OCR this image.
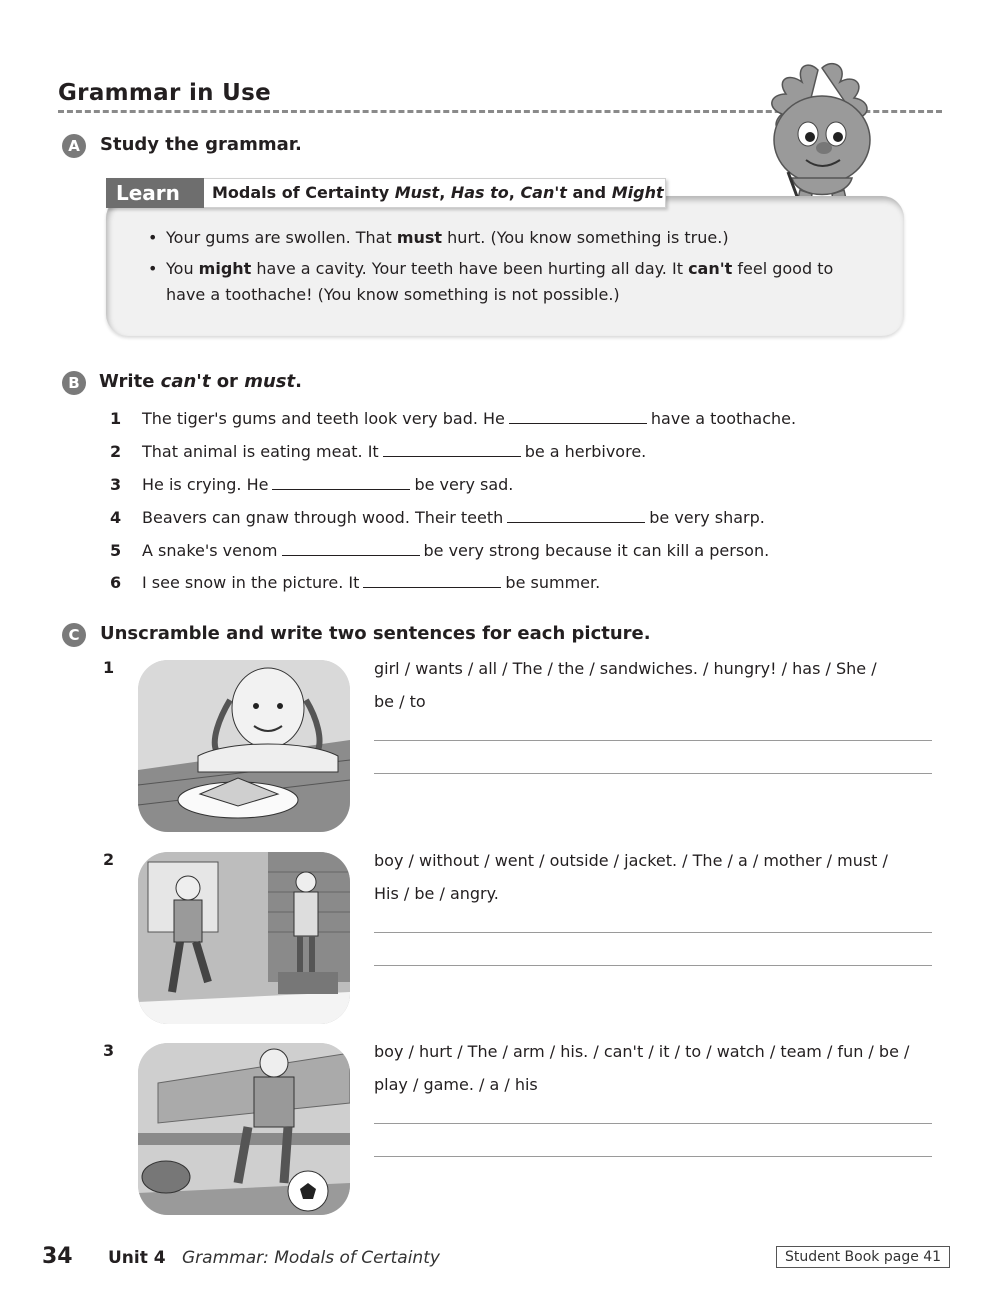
Grammar in Use
A	Study the grammar.
Learn	Modals of Certainty Must, Has to, Can't and Might
• Your gums are swollen. That must hurt. (You know something is true.)
• You might have a cavity. Your teeth have been hurting all day. It can't feel good to
have a toothache! (You know something is not possible.)
B	Write can't or must.
1 The tiger's gums and teeth look very bad. He	have a toothache.
2 That animal is eating meat. It	be a herbivore.
3 He is crying. He	be very sad.
4 Beavers can gnaw through wood. Their teeth	be very sharp.
5 A snake's venom	be very strong because it can kill a person.
6 I see snow in the picture. It	be summer.
C	Unscramble and write two sentences for each picture.
1	girl / wants / all / The / the / sandwiches. / hungry! / has / She /
be / to
2	boy / without / went / outside / jacket. / The / a / mother / must /
His / be / angry.
3	boy / hurt / The / arm / his. / can't / it / to / watch / team / fun / be /
play / game. / a / his
34 Unit 4 Grammar: Modals of Certainty	Student Book page 41
